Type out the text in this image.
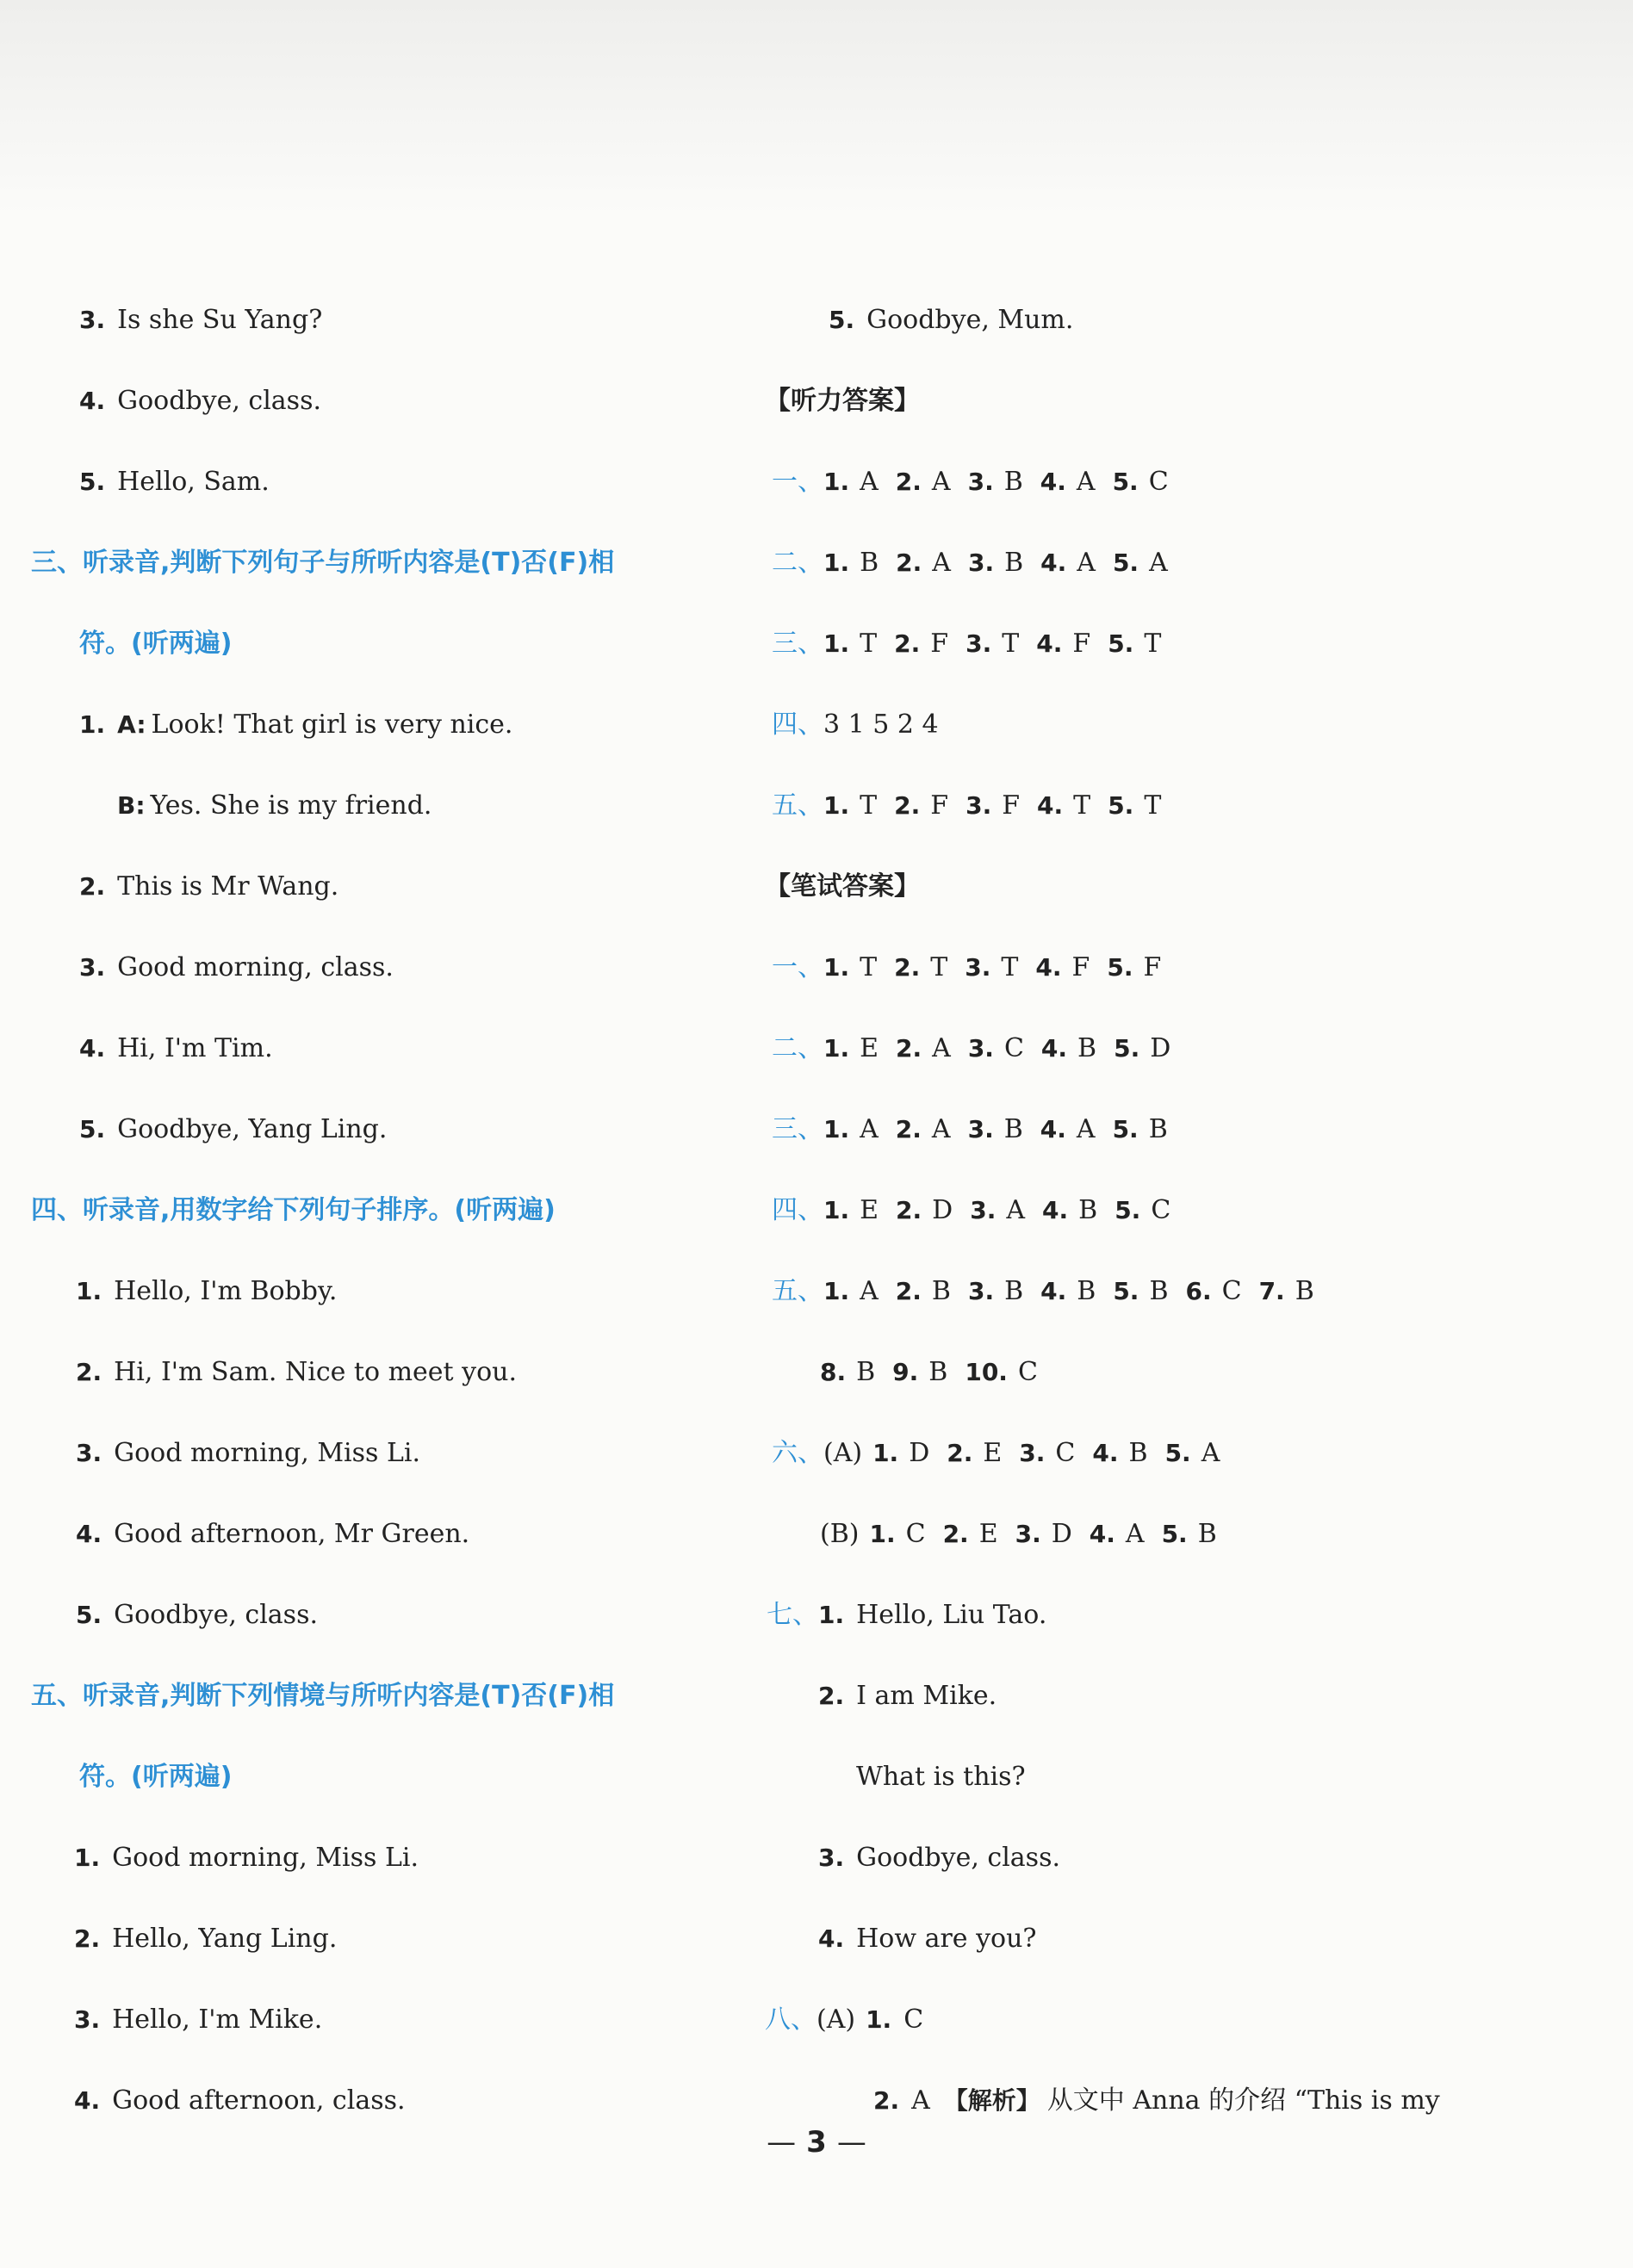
3. Is she Su Yang?
4. Goodbye, class.
5. Hello, Sam.
三、听录音,判断下列句子与所听内容是(T)否(F)相
符。(听两遍)
1. A: Look! That girl is very nice.
B: Yes. She is my friend.
2. This is Mr Wang.
3. Good morning, class.
4. Hi, I'm Tim.
5. Goodbye, Yang Ling.
四、听录音,用数字给下列句子排序。(听两遍)
1. Hello, I'm Bobby.
2. Hi, I'm Sam. Nice to meet you.
3. Good morning, Miss Li.
4. Good afternoon, Mr Green.
5. Goodbye, class.
五、听录音,判断下列情境与所听内容是(T)否(F)相
符。(听两遍)
1. Good morning, Miss Li.
2. Hello, Yang Ling.
3. Hello, I'm Mike.
4. Good afternoon, class.
5. Goodbye, Mum.
【听力答案】
一、1. A 2. A 3. B 4. A 5. C
二、1. B 2. A 3. B 4. A 5. A
三、1. T 2. F 3. T 4. F 5. T
四、3 1 5 2 4
五、1. T 2. F 3. F 4. T 5. T
【笔试答案】
一、1. T 2. T 3. T 4. F 5. F
二、1. E 2. A 3. C 4. B 5. D
三、1. A 2. A 3. B 4. A 5. B
四、1. E 2. D 3. A 4. B 5. C
五、1. A 2. B 3. B 4. B 5. B 6. C 7. B
8. B 9. B 10. C
六、(A) 1. D 2. E 3. C 4. B 5. A
(B) 1. C 2. E 3. D 4. A 5. B
七、1. Hello, Liu Tao.
2. I am Mike.
What is this?
3. Goodbye, class.
4. How are you?
八、(A) 1. C
2. A 【解析】 从文中 Anna 的介绍 “This is my
— 3 —
